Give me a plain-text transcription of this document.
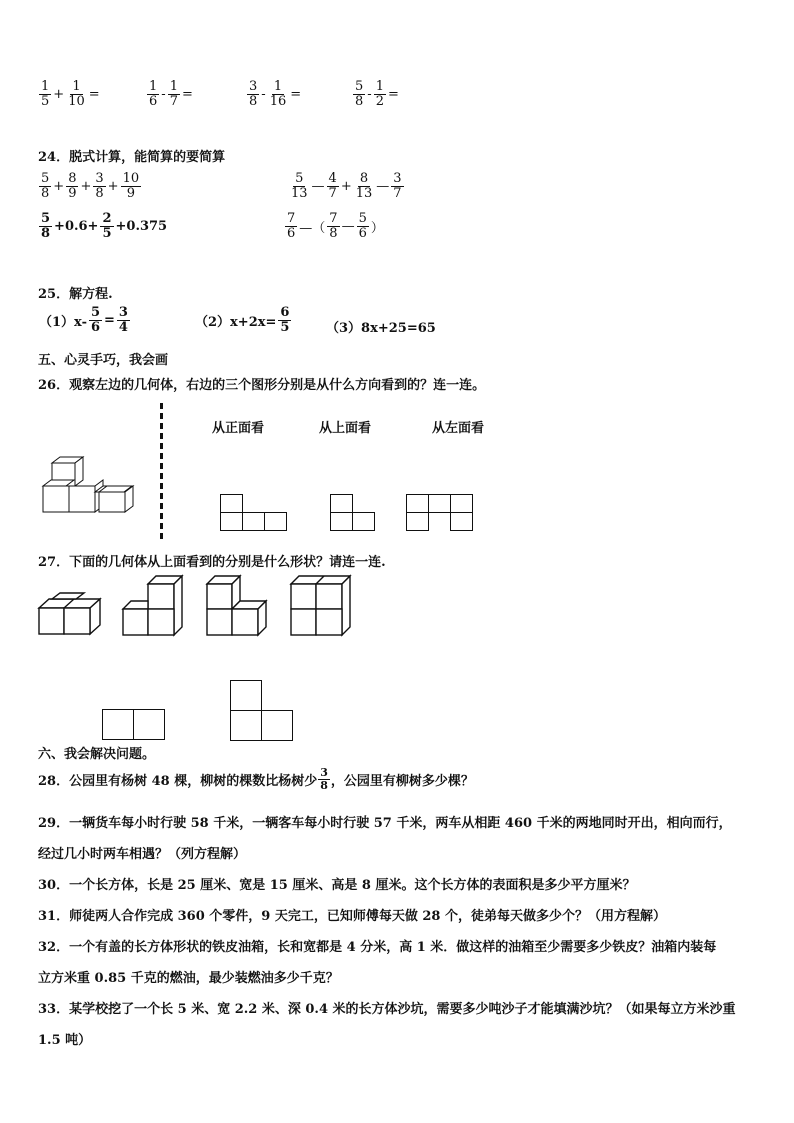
$\frac{1}{5} + \frac{1}{10}$ =	$\frac{1}{6} - \frac{1}{7}$ =	$\frac{3}{8} - \frac{1}{16}$ =	$\frac{5}{8} - \frac{1}{2}$ =
24．脱式计算，能简算的要简算
$\frac{5}{8} + \frac{8}{9} + \frac{3}{8} + \frac{10}{9}$	$\frac{5}{13}$ — $\frac{4}{7} + \frac{8}{13}$ — $\frac{3}{7}$
$\frac{5}{8} +0.6+ \frac{2}{5} +0.375$	$\frac{7}{6}$ —（ $\frac{7}{8}$ — $\frac{5}{6}$ ）
25．解方程.
$(1)x- \frac{5}{6} = \frac{3}{4}$	$(2)x+2x= \frac{6}{5}$	（3）8x+25=65
五、心灵手巧，我会画
26．观察左边的几何体，右边的三个图形分别是从什么方向看到的？连一连。
从正面看	从上面看	从左面看
27．下面的几何体从上面看到的分别是什么形状？请连一连.
六、我会解决问题。
28．公园里有杨树 48 棵，柳树的棵数比杨树少 $\frac{3}{8}$ ，公园里有柳树多少棵？
29．一辆货车每小时行驶 58 千米，一辆客车每小时行驶 57 千米，两车从相距 460 千米的两地同时开出，相向而行，
经过几小时两车相遇？（列方程解）
30．一个长方体，长是 25 厘米、宽是 15 厘米、高是 8 厘米。这个长方体的表面积是多少平方厘米？
31．师徒两人合作完成 360 个零件，9 天完工，已知师傅每天做 28 个，徒弟每天做多少个？（用方程解）
32．一个有盖的长方体形状的铁皮油箱，长和宽都是 4 分米，高 1 米．做这样的油箱至少需要多少铁皮？油箱内装每
立方米重 0.85 千克的燃油，最少装燃油多少千克？
33．某学校挖了一个长 5 米、宽 2.2 米、深 0.4 米的长方体沙坑，需要多少吨沙子才能填满沙坑？（如果每立方米沙重
1.5 吨）
